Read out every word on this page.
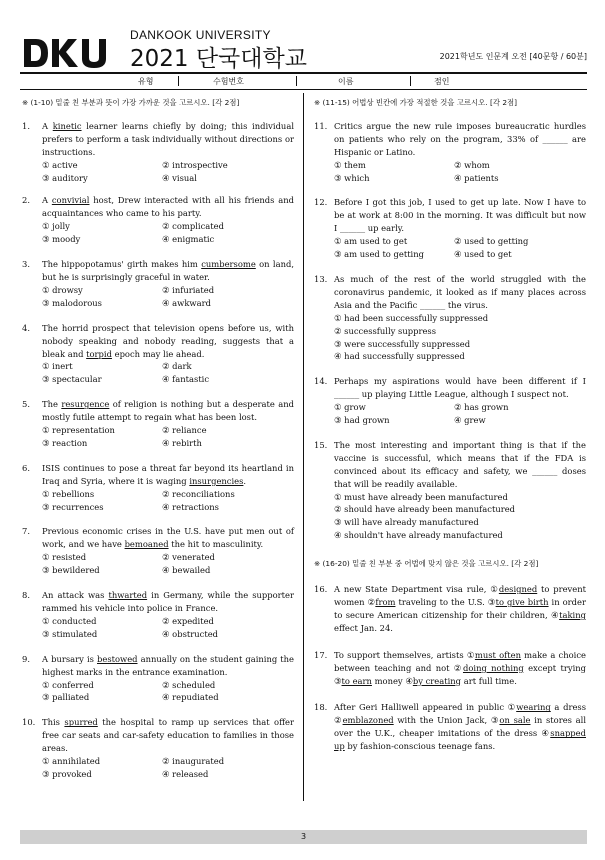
DANKOOK UNIVERSITY
2021 단국대학교	2021학년도 인문계 오전 [40문항 / 60분]
유형	수험번호	이름	점인
※ (1-10) 밑줄 친 부분과 뜻이 가장 가까운 것을 고르시오. [각 2점]
1. A kinetic learner learns chiefly by doing; this individual prefers to perform a task individually without directions or instructions.
① active	② introspective
③ auditory	④ visual
2. A convivial host, Drew interacted with all his friends and acquaintances who came to his party.
① jolly	② complicated
③ moody	④ enigmatic
3. The hippopotamus' girth makes him cumbersome on land, but he is surprisingly graceful in water.
① drowsy	② infuriated
③ malodorous	④ awkward
4. The horrid prospect that television opens before us, with nobody speaking and nobody reading, suggests that a bleak and torpid epoch may lie ahead.
① inert	② dark
③ spectacular	④ fantastic
5. The resurgence of religion is nothing but a desperate and mostly futile attempt to regain what has been lost.
① representation	② reliance
③ reaction	④ rebirth
6. ISIS continues to pose a threat far beyond its heartland in Iraq and Syria, where it is waging insurgencies.
① rebellions	② reconciliations
③ recurrences	④ retractions
7. Previous economic crises in the U.S. have put men out of work, and we have bemoaned the hit to masculinity.
① resisted	② venerated
③ bewildered	④ bewailed
8. An attack was thwarted in Germany, while the supporter rammed his vehicle into police in France.
① conducted	② expedited
③ stimulated	④ obstructed
9. A bursary is bestowed annually on the student gaining the highest marks in the entrance examination.
① conferred	② scheduled
③ palliated	④ repudiated
10. This spurred the hospital to ramp up services that offer free car seats and car-safety education to families in those areas.
① annihilated	② inaugurated
③ provoked	④ released
※ (11-15) 어법상 빈칸에 가장 적절한 것을 고르시오. [각 2점]
11. Critics argue the new rule imposes bureaucratic hurdles on patients who rely on the program, 33% of ______ are Hispanic or Latino.
① them	② whom
③ which	④ patients
12. Before I got this job, I used to get up late. Now I have to be at work at 8:00 in the morning. It was difficult but now I ______ up early.
① am used to get	② used to getting
③ am used to getting	④ used to get
13. As much of the rest of the world struggled with the coronavirus pandemic, it looked as if many places across Asia and the Pacific ______ the virus.
① had been successfully suppressed
② successfully suppress
③ were successfully suppressed
④ had successfully suppressed
14. Perhaps my aspirations would have been different if I ______ up playing Little League, although I suspect not.
① grow	② has grown
③ had grown	④ grew
15. The most interesting and important thing is that if the vaccine is successful, which means that if the FDA is convinced about its efficacy and safety, we ______ doses that will be readily available.
① must have already been manufactured
② should have already been manufactured
③ will have already manufactured
④ shouldn't have already manufactured
※ (16-20) 밑줄 친 부분 중 어법에 맞지 않은 것을 고르시오. [각 2점]
16. A new State Department visa rule, ①designed to prevent women ②from traveling to the U.S. ③to give birth in order to secure American citizenship for their children, ④taking effect Jan. 24.
17. To support themselves, artists ①must often make a choice between teaching and not ②doing nothing except trying ③to earn money ④by creating art full time.
18. After Geri Halliwell appeared in public ①wearing a dress ②emblazoned with the Union Jack, ③on sale in stores all over the U.K., cheaper imitations of the dress ④snapped up by fashion-conscious teenage fans.
3
